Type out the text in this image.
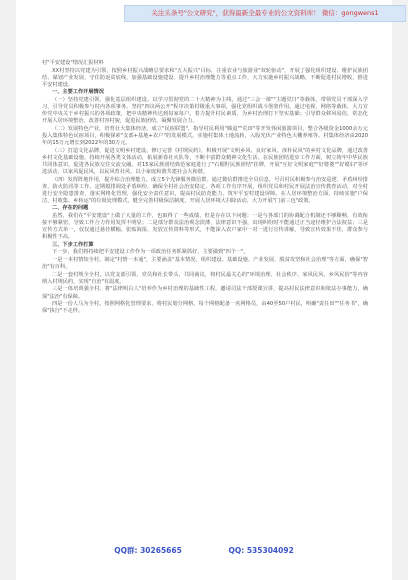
关注头条号"公文研究"，获得最新全最专业的公文资料库！ 微信：gongwens1

村"平安建设"情况汇报材料

XX村坚持以党建为引领，按照乡村振兴战略总要求和"五大振兴"目标，注重农业与旅游业"双轮驱动"，开展了强化组织建设、维护民族团结、谋划产业发展、守住防返贫底线、加强基础设施建设、提升乡村治理能力等重点工作，大力实施乡村振兴战略，不断促进村民增收，推进平安村建设。

一、主要工作开展情况

（一）坚持党建引领，强化基层组织建设。以学习贯彻党的二十大精神为主线，通过"三会一课""主题党日"等载体，带领党员干部深入学习，引导党员积极参与村内各项事务。坚持"四议两公开"程序决策村级重大事项，强化党组织战斗堡垒作用。通过电视、网络等载体，大力宣传党中央关于乡村振兴的各项政策，把中央精神传达到每家每户。着力提升村民素质，为乡村治理打下坚实基础；引导群众移风易俗，常态化开展人居环境整治，改善村容村貌，促进民族团结，凝聚发展合力。

（二）发展特色产业，培育壮大集体经济。成立"民宿联盟"，指导村民利用"腾退""荒田"等开发休闲旅游项目，整合各级资金1000余万元投入集体特色民宿项目，积极探索"支部+基地+农户"的发展模式，实施村集体土地流转，入股光伏产业特色大棚养殖等。村集体经济由2020年的15万元增长到2022年的30万元。

（三）打造文化品牌，促进文明乡村建设。修订完善《村规民约》，积极开展"文明乡风、良好家风、淳朴民风"的乡村文化品牌，通过改善乡村文化基础设施，持续开展各类文体活动，拓展新春社火队等，不断丰富群众精神文化生活。在民族团结进步工作方面，树立铸牢中华民族共同体意识，促进各民族交往交流交融。对15家民族团结典范家庭进行了"石榴籽民族团结"挂牌，开展"互好文明家庭""好婆婆""好媳妇"等评选活动，以家风促民风，以民风育社风，以小家庭和谐共建社会大和谐。

（四）发挥阵地作用，提升综合治理能力。成立5个先锋服务微信群。通过微信群推送全员信息，号召村民积极参与治安巡逻、矛盾纠纷排查、防火防汛等工作。定期摸排调处矛盾纠纷，确保全村社会治安稳定、各项工作有序开展，组织党员和村民开展法治宣传教育活动，对全村进行安全隐患排查，落实网格化管理，强化安全责任意识，提高村民防范能力，筑牢平安村建设屏障。在人居环境整治方面，持续实施"户保洁、村收集、乡转运"的垃圾处理模式，健全完善村级保洁制度，开展人居环境大扫除活动，大力开展"门前三包"政策。

二、存在的问题

虽然，我们在"平安建设"上做了大量的工作，也取得了一些成绩，但是存在以下问题：一是与各部门的协调配合机制还不够顺畅，有效衔接不够紧密，导致工作合力作用发挥不明显；二是部分群众法治观念淡薄，法律意识不强，出现纠纷时不能通过正当途径维护合法权益；三是宣传方式单一，仅仅通过悬挂横幅、张贴海报、发放宣传资料等形式，不能深入农户家中一对一进行宣传讲解，导致宣传效果不佳，群众参与积极性不高。

三、下步工作打算

下一步，我们将持续把平安建设工作作为一项政治任务抓紧抓好，主要做到"四个一"。

一是一本村情知全村。制定"村情一本通"，主要涵盖"基本情况、组织建设、基础设施、产业发展、脱贫攻坚和社会治理"等方面，确保"智治"有百科。

二是一套村规全全村。以党支部引领，党员和社长带头，共同商议，将村民最关心的"环境治理、社会秩序、家风民风、乡风民俗"等内容纳入村规民约，实现"自治"有温度。

三是一体培训强全村。将"法律明白人"培养作为乡村治理的基础性工程，邀请司法干部授课宣讲，提高村民法律意识和依法办事能力，确保"法治"有保障。

四是一份人马为全村。按照网格化管理要求，将村民划分网格，每个网格配备一名网格员，由40至50户村民，明确"责任田""任务书"，确保"执行"不走样。

QQ群: 30265665	QQ: 535304092
